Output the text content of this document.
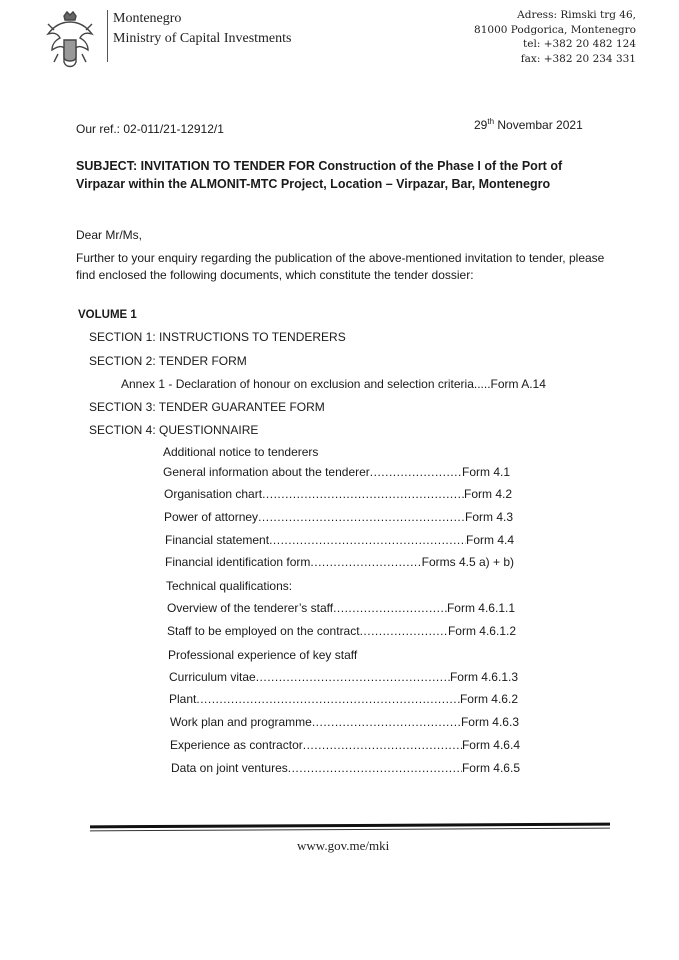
Montenegro
Ministry of Capital Investments
Adress: Rimski trg 46,
81000 Podgorica, Montenegro
tel: +382 20 482 124
fax: +382 20 234 331
Our ref.: 02-011/21-12912/1	29th Novembar 2021
SUBJECT: INVITATION TO TENDER FOR Construction of the Phase I of the Port of Virpazar within the ALMONIT-MTC Project, Location – Virpazar, Bar, Montenegro
Dear Mr/Ms,
Further to your enquiry regarding the publication of the above-mentioned invitation to tender, please find enclosed the following documents, which constitute the tender dossier:
VOLUME 1
SECTION 1: INSTRUCTIONS TO TENDERERS
SECTION 2: TENDER FORM
Annex 1 - Declaration of honour on exclusion and selection criteria.....Form A.14
SECTION 3: TENDER GUARANTEE FORM
SECTION 4: QUESTIONNAIRE
Additional notice to tenderers
General information about the tenderer .....	Form 4.1
Organisation chart .....	Form 4.2
Power of attorney .....	Form 4.3
Financial statement .....	Form 4.4
Financial identification form .....	Forms 4.5 a) + b)
Technical qualifications:
Overview of the tenderer’s staff .....	Form 4.6.1.1
Staff to be employed on the contract .....	Form 4.6.1.2
Professional experience of key staff
Curriculum vitae .....	Form 4.6.1.3
Plant .....	Form 4.6.2
Work plan and programme .....	Form 4.6.3
Experience as contractor .....	Form 4.6.4
Data on joint ventures .....	Form 4.6.5
www.gov.me/mki
